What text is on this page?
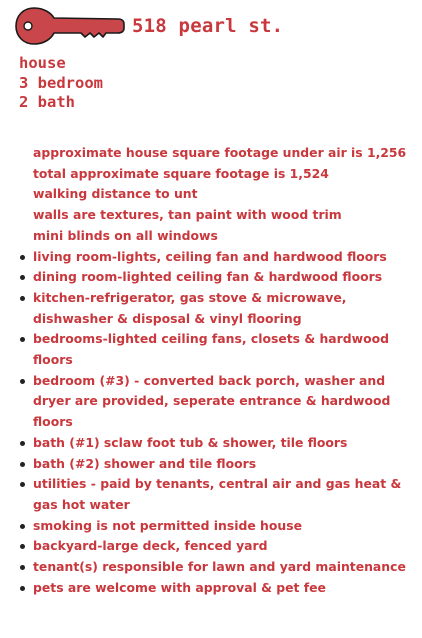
518 pearl st.
house
3 bedroom
2 bath
approximate house square footage under air is 1,256
total approximate square footage is 1,524
walking distance to unt
walls are textures, tan paint with wood trim
mini blinds on all windows
living room-lights, ceiling fan and hardwood floors
dining room-lighted ceiling fan & hardwood floors
kitchen-refrigerator, gas stove & microwave, dishwasher & disposal & vinyl flooring
bedrooms-lighted ceiling fans, closets & hardwood floors
bedroom (#3) - converted back porch, washer and dryer are provided, seperate entrance & hardwood floors
bath (#1) sclaw foot tub & shower, tile floors
bath (#2) shower and tile floors
utilities - paid by tenants, central air and gas heat & gas hot water
smoking is not permitted inside house
backyard-large deck, fenced yard
tenant(s) responsible for lawn and yard maintenance
pets are welcome with approval & pet fee
